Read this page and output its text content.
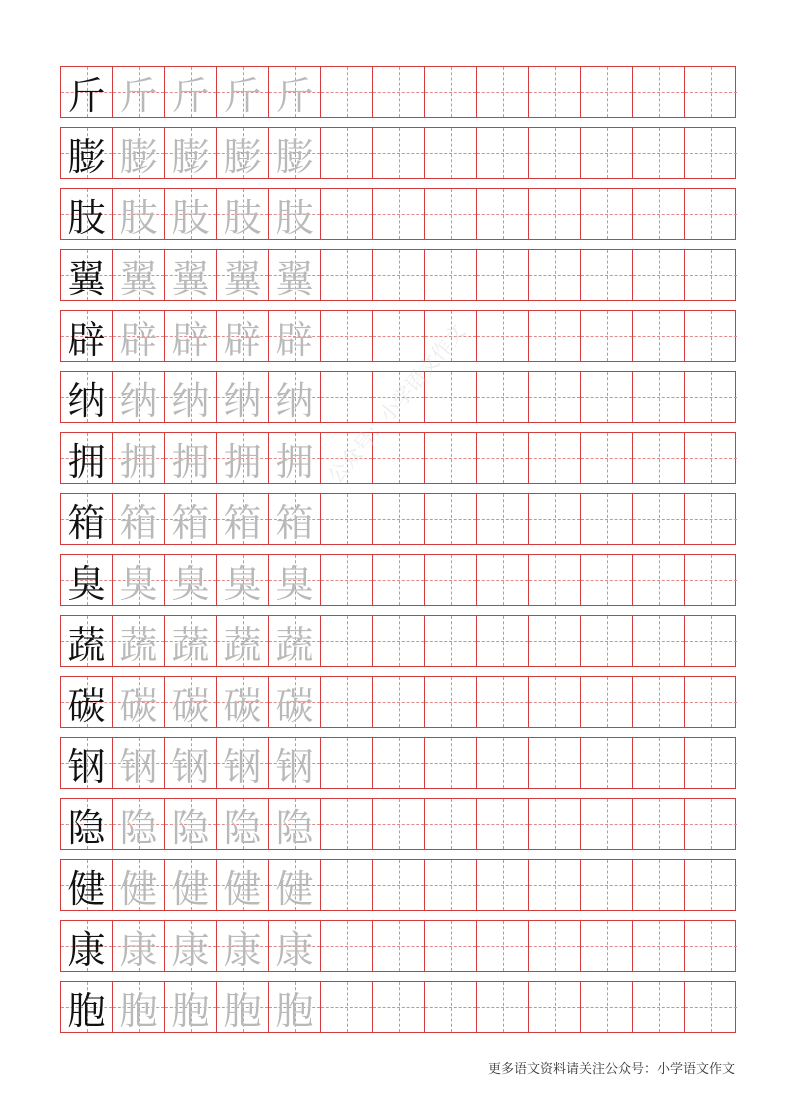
斤 斤 斤 斤 斤
膨 膨 膨 膨 膨
肢 肢 肢 肢 肢
翼 翼 翼 翼 翼
辟 辟 辟 辟 辟
纳 纳 纳 纳 纳
拥 拥 拥 拥 拥
箱 箱 箱 箱 箱
臭 臭 臭 臭 臭
蔬 蔬 蔬 蔬 蔬
碳 碳 碳 碳 碳
钢 钢 钢 钢 钢
隐 隐 隐 隐 隐
健 健 健 健 健
康 康 康 康 康
胞 胞 胞 胞 胞
公众号：小学语文作文
更多语文资料请关注公众号：小学语文作文
